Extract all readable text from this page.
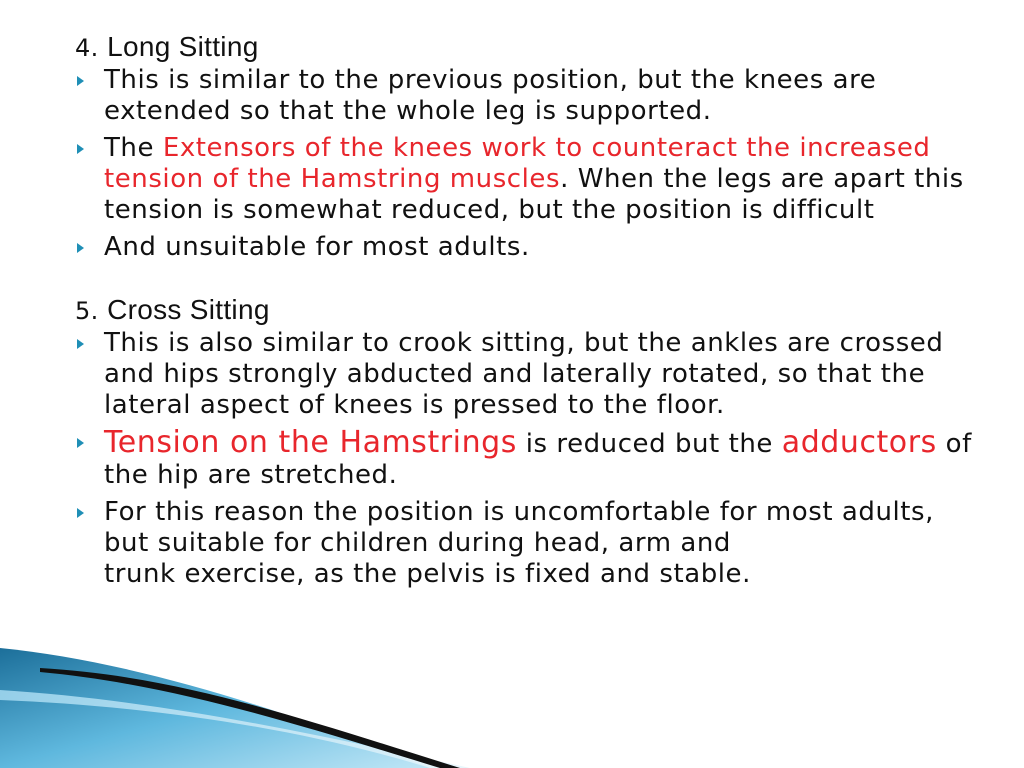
4. Long Sitting

This is similar to the previous position, but the knees are extended so that the whole leg is supported.
The Extensors of the knees work to counteract the increased tension of the Hamstring muscles. When the legs are apart this tension is somewhat reduced, but the position is difficult
And unsuitable for most adults.

5. Cross Sitting

This is also similar to crook sitting, but the ankles are crossed and hips strongly abducted and laterally rotated, so that the lateral aspect of knees is pressed to the floor.
Tension on the Hamstrings is reduced but the adductors of the hip are stretched.
For this reason the position is uncomfortable for most adults, but suitable for children during head, arm and
trunk exercise, as the pelvis is fixed and stable.
